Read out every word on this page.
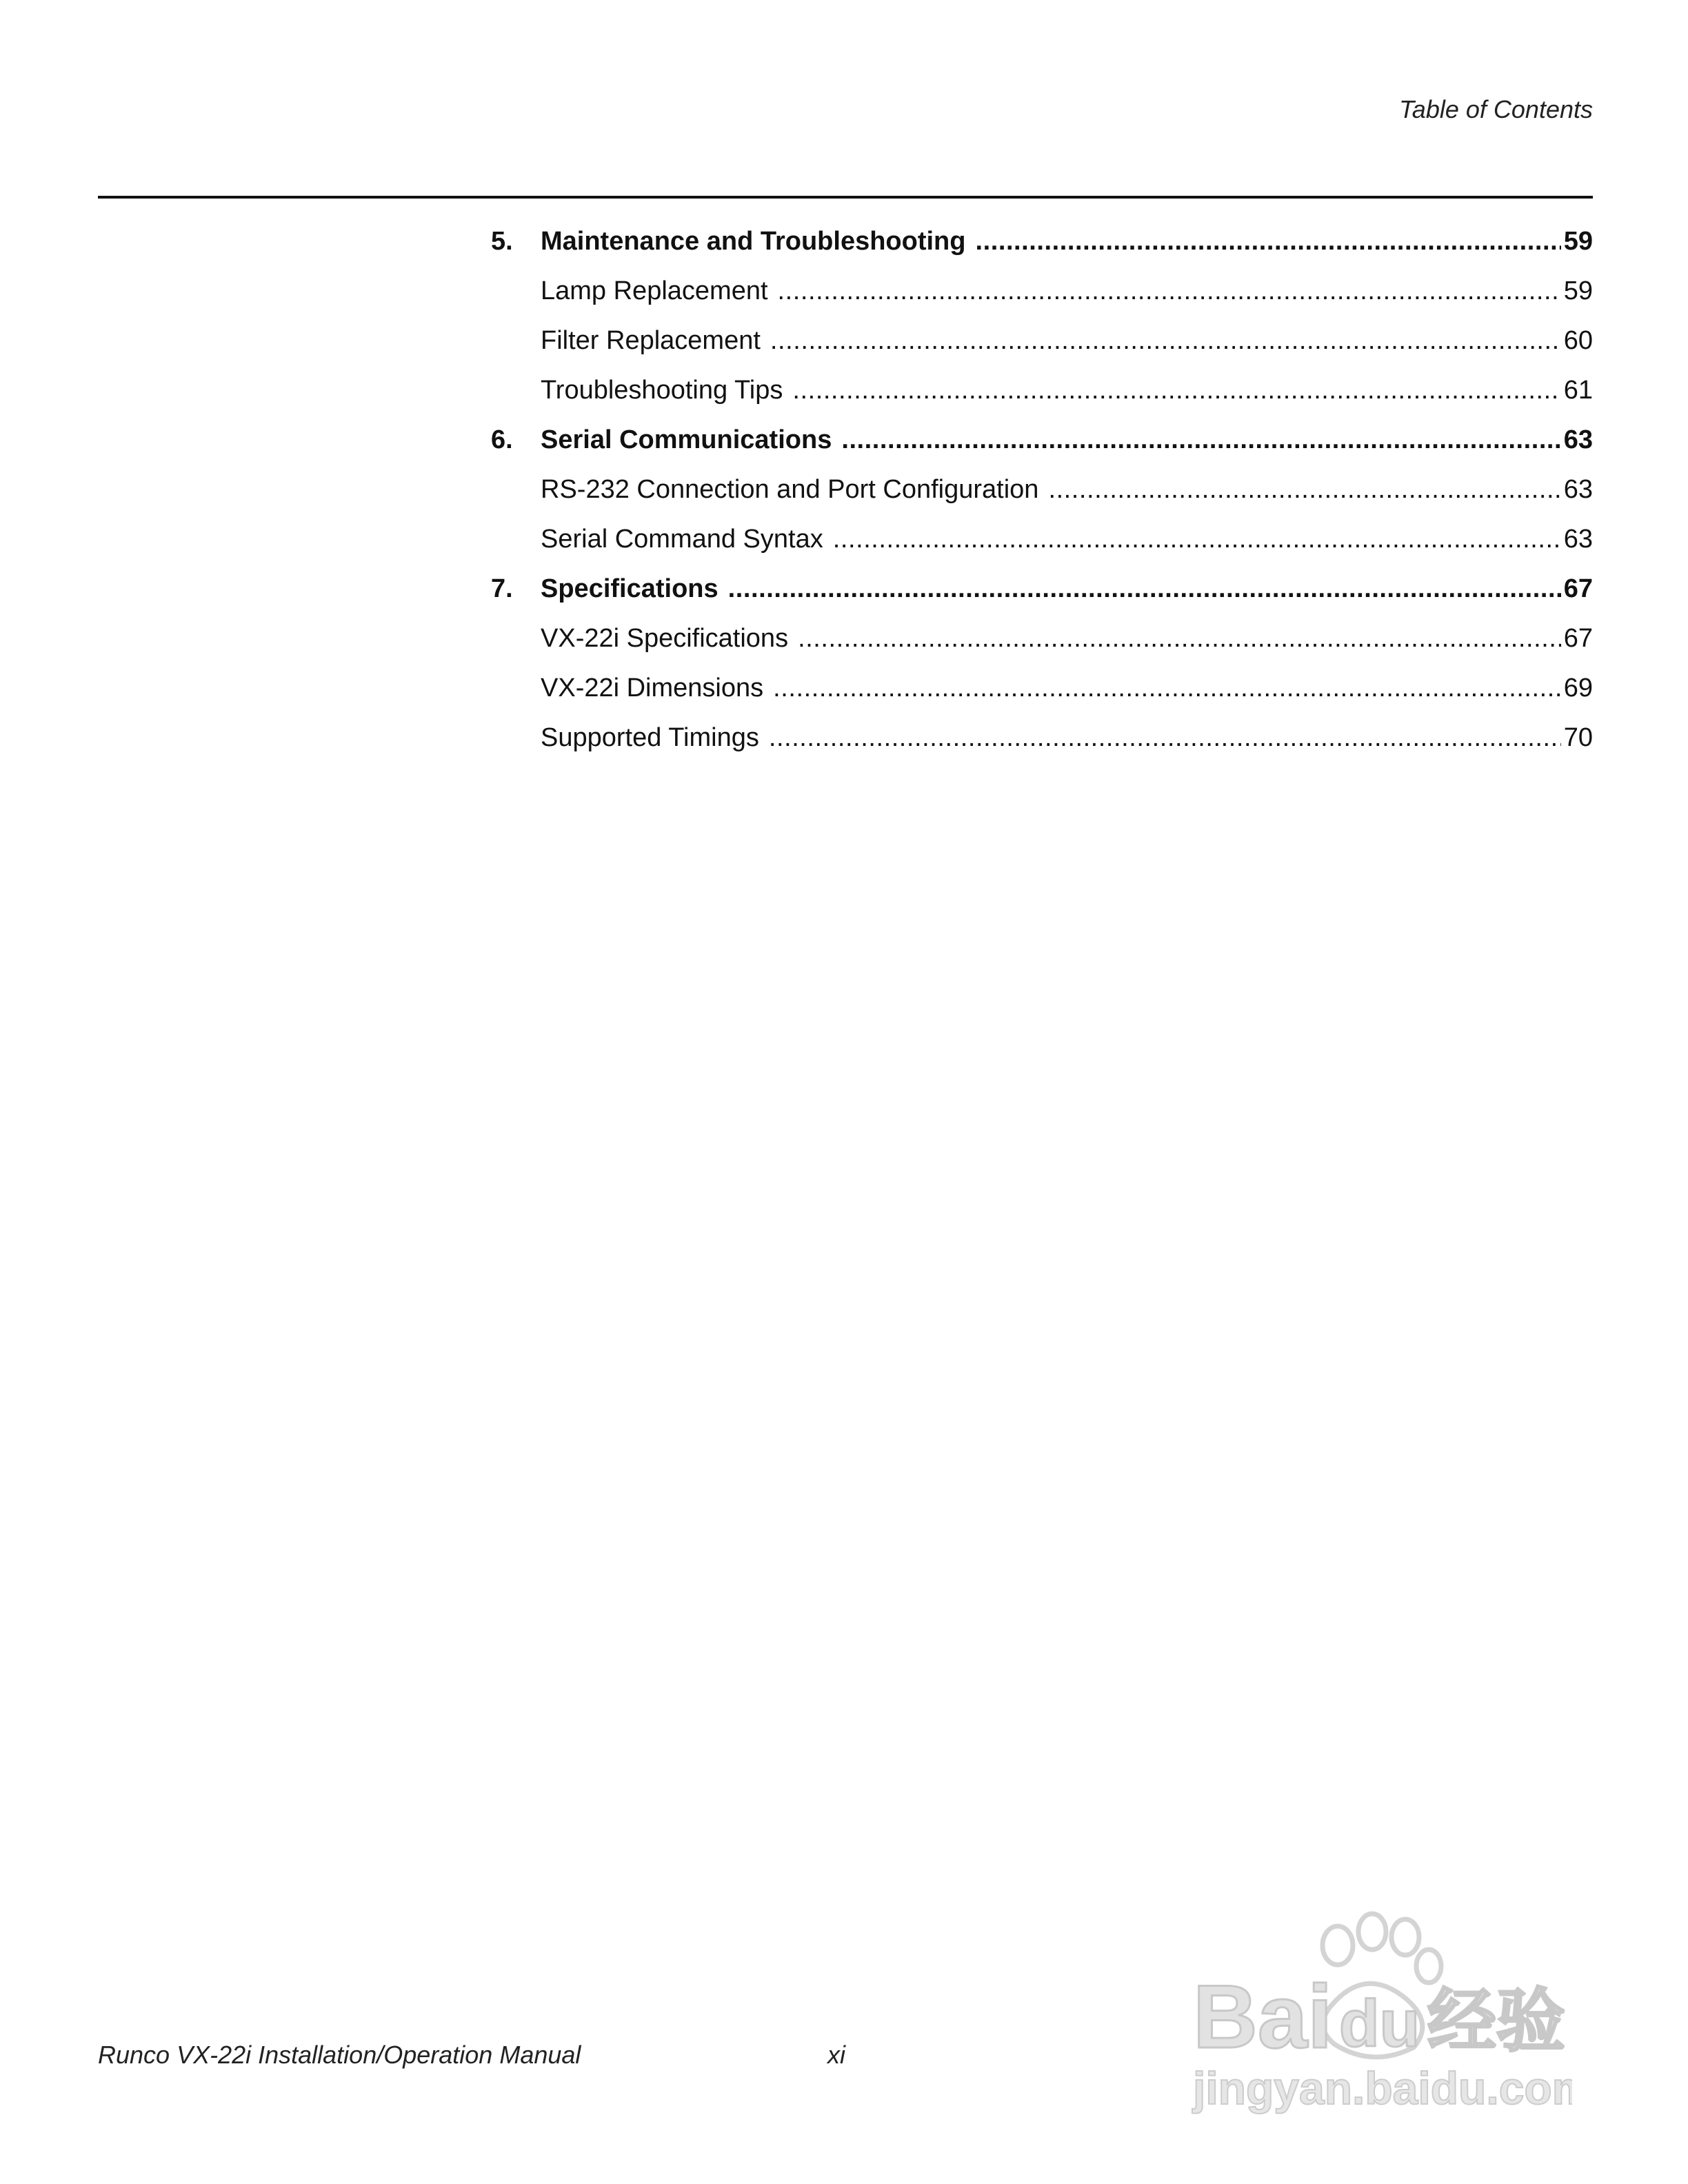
Table of Contents
5.	Maintenance and Troubleshooting . . .	59
Lamp Replacement . . .	59
Filter Replacement . . .	60
Troubleshooting Tips . . .	61
6.	Serial Communications . . .	63
RS-232 Connection and Port Configuration . . .	63
Serial Command Syntax . . .	63
7.	Specifications . . .	67
VX-22i Specifications . . .	67
VX-22i Dimensions . . .	69
Supported Timings . . .	70
Runco VX-22i Installation/Operation Manual	xi	Bai du 经验
jingyan.baidu.com
